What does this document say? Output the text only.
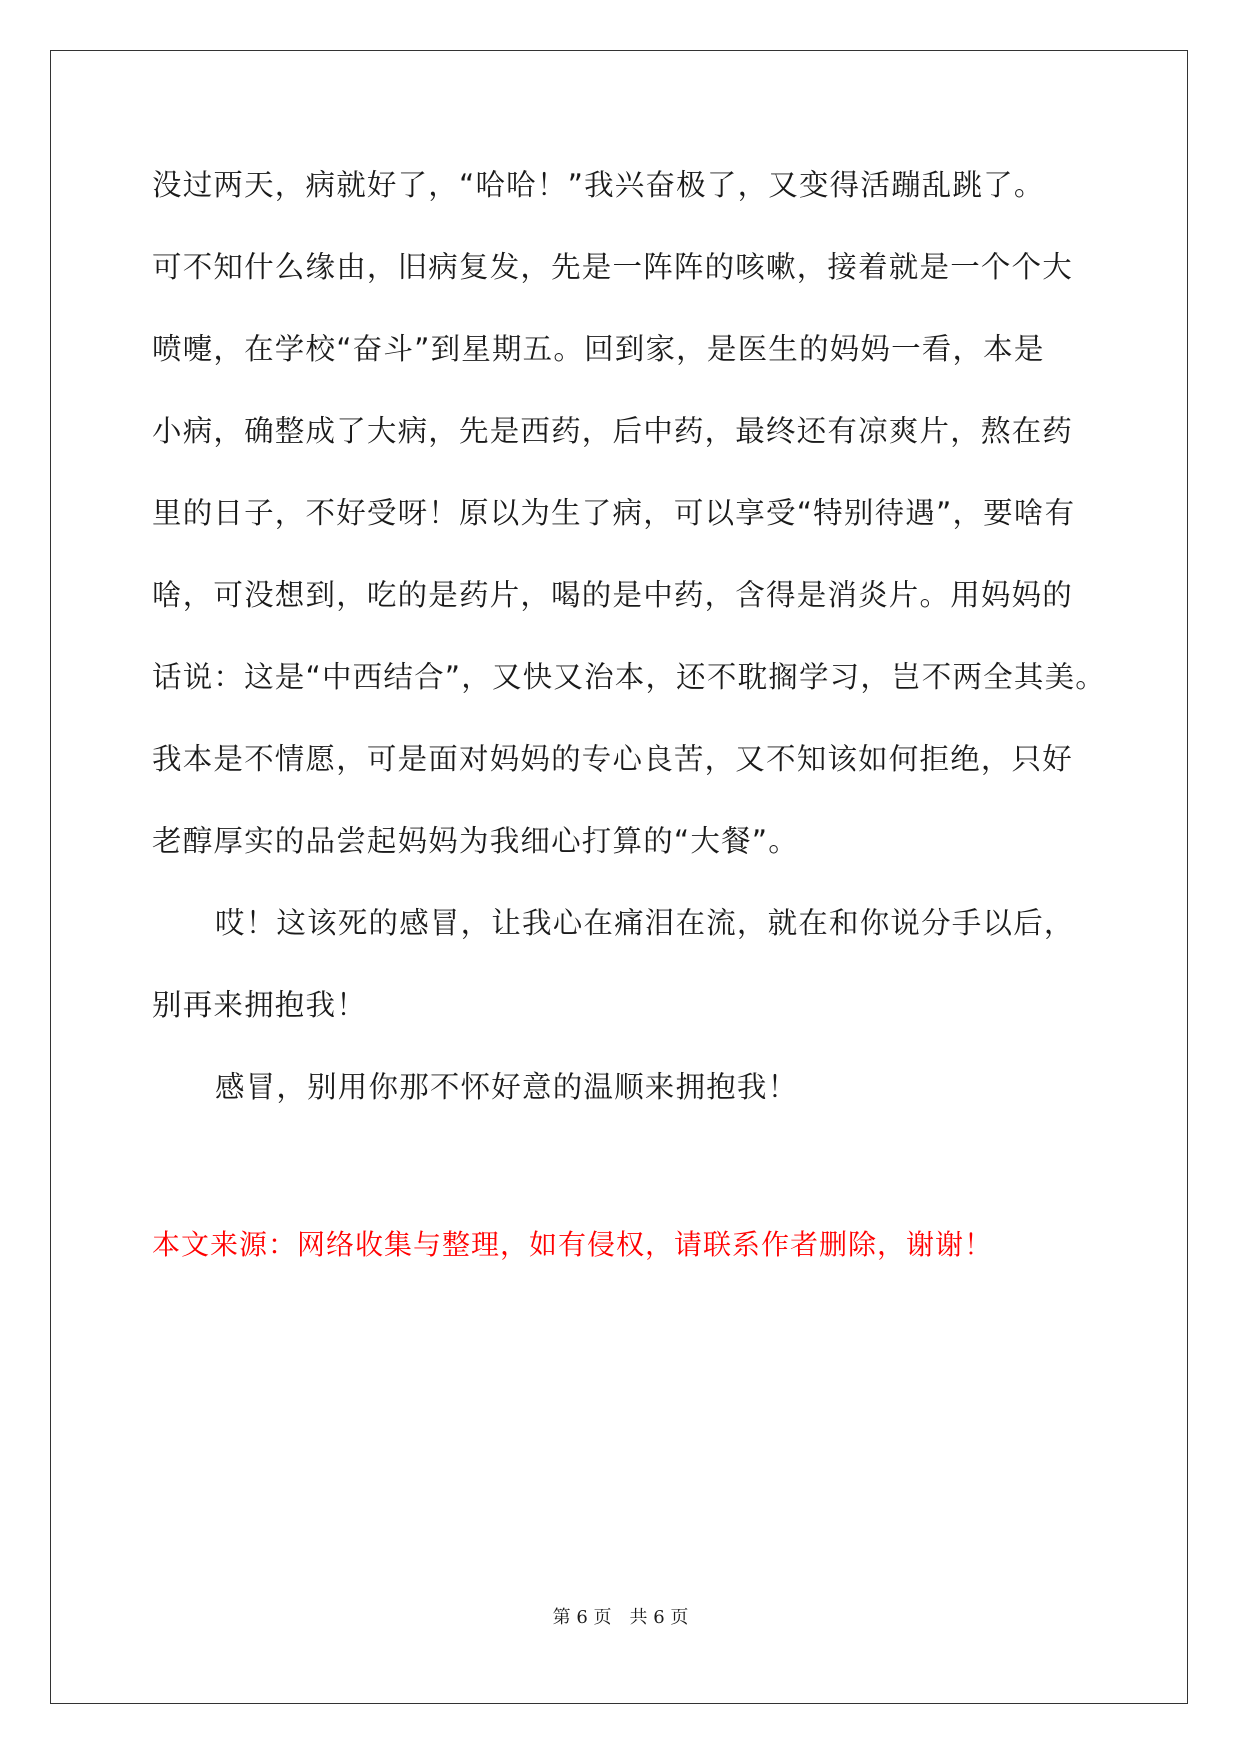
没过两天，病就好了，“哈哈！”我兴奋极了，又变得活蹦乱跳了。
可不知什么缘由，旧病复发，先是一阵阵的咳嗽，接着就是一个个大
喷嚏，在学校“奋斗”到星期五。回到家，是医生的妈妈一看，本是
小病，确整成了大病，先是西药，后中药，最终还有凉爽片，熬在药
里的日子，不好受呀！原以为生了病，可以享受“特别待遇”，要啥有
啥，可没想到，吃的是药片，喝的是中药，含得是消炎片。用妈妈的
话说：这是“中西结合”，又快又治本，还不耽搁学习，岂不两全其美。
我本是不情愿，可是面对妈妈的专心良苦，又不知该如何拒绝，只好
老醇厚实的品尝起妈妈为我细心打算的“大餐”。
哎！这该死的感冒，让我心在痛泪在流，就在和你说分手以后，
别再来拥抱我！
感冒，别用你那不怀好意的温顺来拥抱我！
本文来源：网络收集与整理，如有侵权，请联系作者删除，谢谢！
第 6 页　共 6 页
